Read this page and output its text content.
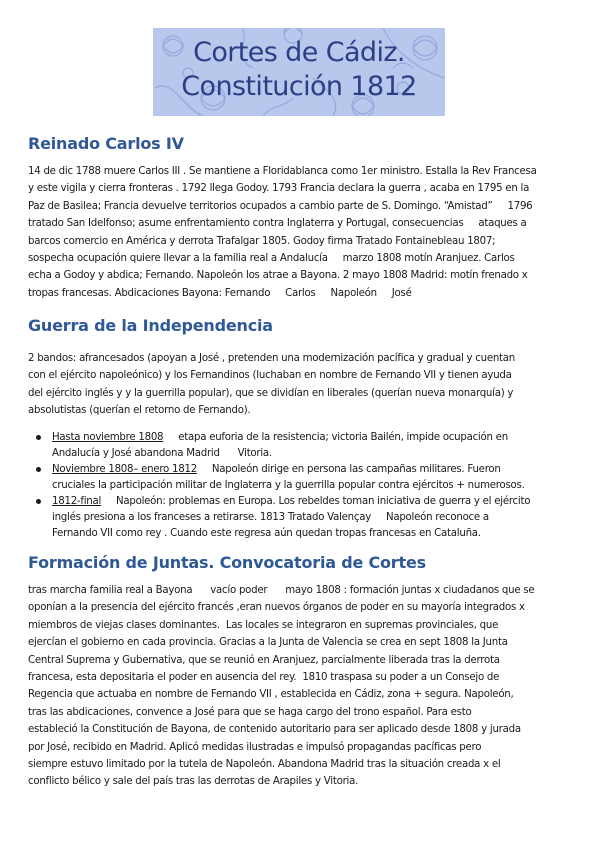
Cortes de Cádiz.
Constitución 1812
Reinado Carlos IV
14 de dic 1788 muere Carlos III . Se mantiene a Floridablanca como 1er ministro. Estalla la Rev Francesa
y este vigila y cierra fronteras . 1792 llega Godoy. 1793 Francia declara la guerra , acaba en 1795 en la
Paz de Basilea; Francia devuelve territorios ocupados a cambio parte de S. Domingo. “Amistad”     1796
tratado San Idelfonso; asume enfrentamiento contra Inglaterra y Portugal, consecuencias     ataques a
barcos comercio en América y derrota Trafalgar 1805. Godoy firma Tratado Fontainebleau 1807;
sospecha ocupación quiere llevar a la familia real a Andalucía     marzo 1808 motín Aranjuez. Carlos
echa a Godoy y abdica; Fernando. Napoleón los atrae a Bayona. 2 mayo 1808 Madrid: motín frenado x
tropas francesas. Abdicaciones Bayona: Fernando     Carlos     Napoleón     José
Guerra de la Independencia
2 bandos: afrancesados (apoyan a José , pretenden una modernización pacífica y gradual y cuentan
con el ejército napoleónico) y los Fernandinos (luchaban en nombre de Fernando VII y tienen ayuda
del ejército inglés y y la guerrilla popular), que se dividían en liberales (querían nueva monarquía) y
absolutistas (querían el retorno de Fernando).
Hasta noviembre 1808     etapa euforia de la resistencia; victoria Bailén, impide ocupación en
Andalucía y José abandona Madrid      Vitoria.
Noviembre 1808– enero 1812     Napoleón dirige en persona las campañas militares. Fueron
cruciales la participación militar de Inglaterra y la guerrilla popular contra ejércitos + numerosos.
1812-final     Napoleón: problemas en Europa. Los rebeldes toman iniciativa de guerra y el ejército
inglés presiona a los franceses a retirarse. 1813 Tratado Valençay     Napoleón reconoce a
Fernando VII como rey . Cuando este regresa aún quedan tropas francesas en Cataluña.
Formación de Juntas. Convocatoria de Cortes
tras marcha familia real a Bayona      vacío poder      mayo 1808 : formación juntas x ciudadanos que se
oponían a la presencia del ejército francés ,eran nuevos órganos de poder en su mayoría integrados x
miembros de viejas clases dominantes.  Las locales se integraron en supremas provinciales, que
ejercían el gobierno en cada provincia. Gracias a la Junta de Valencia se crea en sept 1808 la Junta
Central Suprema y Gubernativa, que se reunió en Aranjuez, parcialmente liberada tras la derrota
francesa, esta depositaria el poder en ausencia del rey.  1810 traspasa su poder a un Consejo de
Regencia que actuaba en nombre de Fernando VII , establecida en Cádiz, zona + segura. Napoleón,
tras las abdicaciones, convence a José para que se haga cargo del trono español. Para esto
estableció la Constitución de Bayona, de contenido autoritario para ser aplicado desde 1808 y jurada
por José, recibido en Madrid. Aplicó medidas ilustradas e impulsó propagandas pacíficas pero
siempre estuvo limitado por la tutela de Napoleón. Abandona Madrid tras la situación creada x el
conflicto bélico y sale del país tras las derrotas de Arapiles y Vitoria.
